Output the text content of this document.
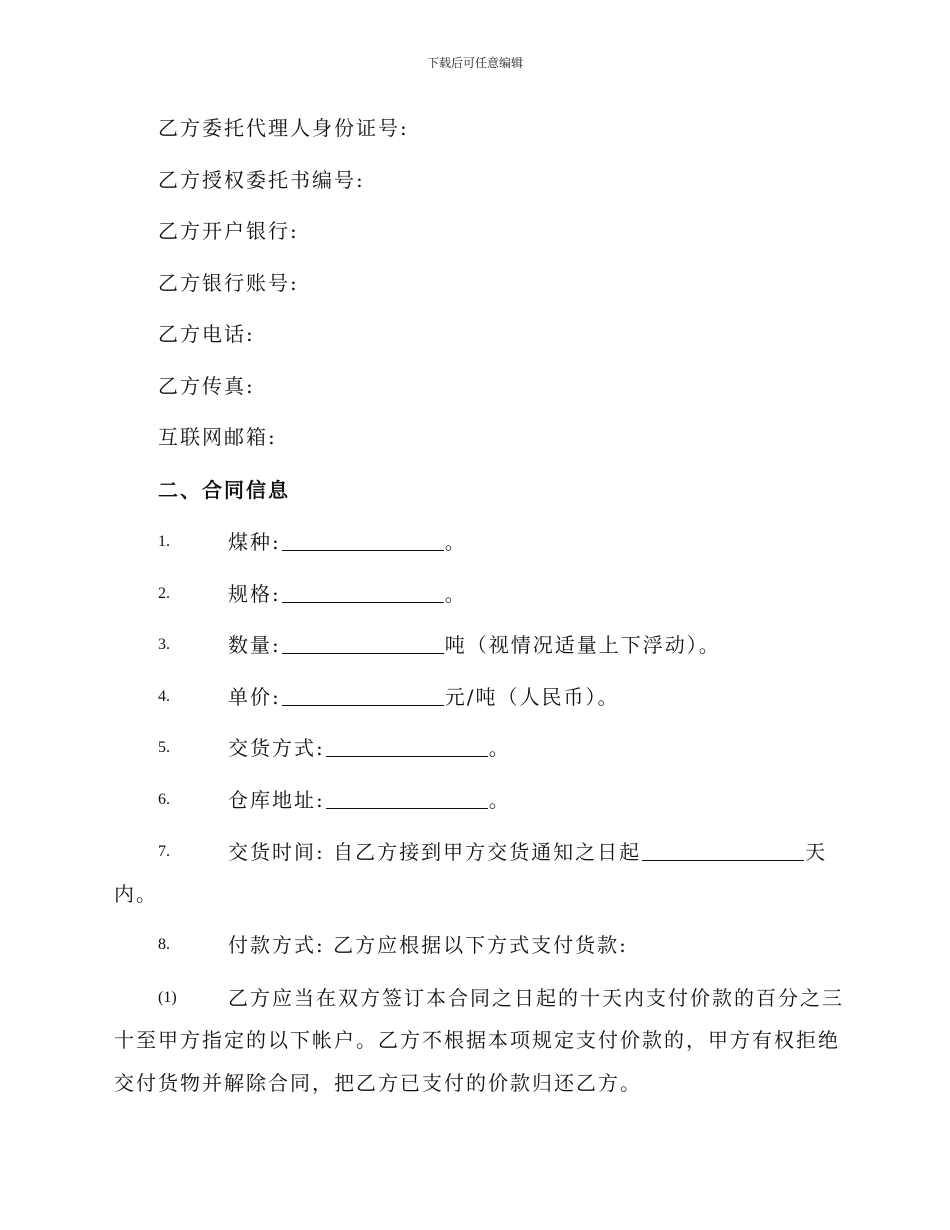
下载后可任意编辑
乙方委托代理人身份证号:
乙方授权委托书编号:
乙方开户银行:
乙方银行账号:
乙方电话:
乙方传真:
互联网邮箱:
二、合同信息
1.	煤种:	。
2.	规格:	。
3.	数量:	吨（视情况适量上下浮动）。
4.	单价:	元/吨（人民币）。
5.	交货方式:	。
6.	仓库地址:	。
7.	交货时间: 自乙方接到甲方交货通知之日起	天
内。
8.	付款方式: 乙方应根据以下方式支付货款:
(1)	乙方应当在双方签订本合同之日起的十天内支付价款的百分之三
十至甲方指定的以下帐户。乙方不根据本项规定支付价款的，甲方有权拒绝
交付货物并解除合同，把乙方已支付的价款归还乙方。
